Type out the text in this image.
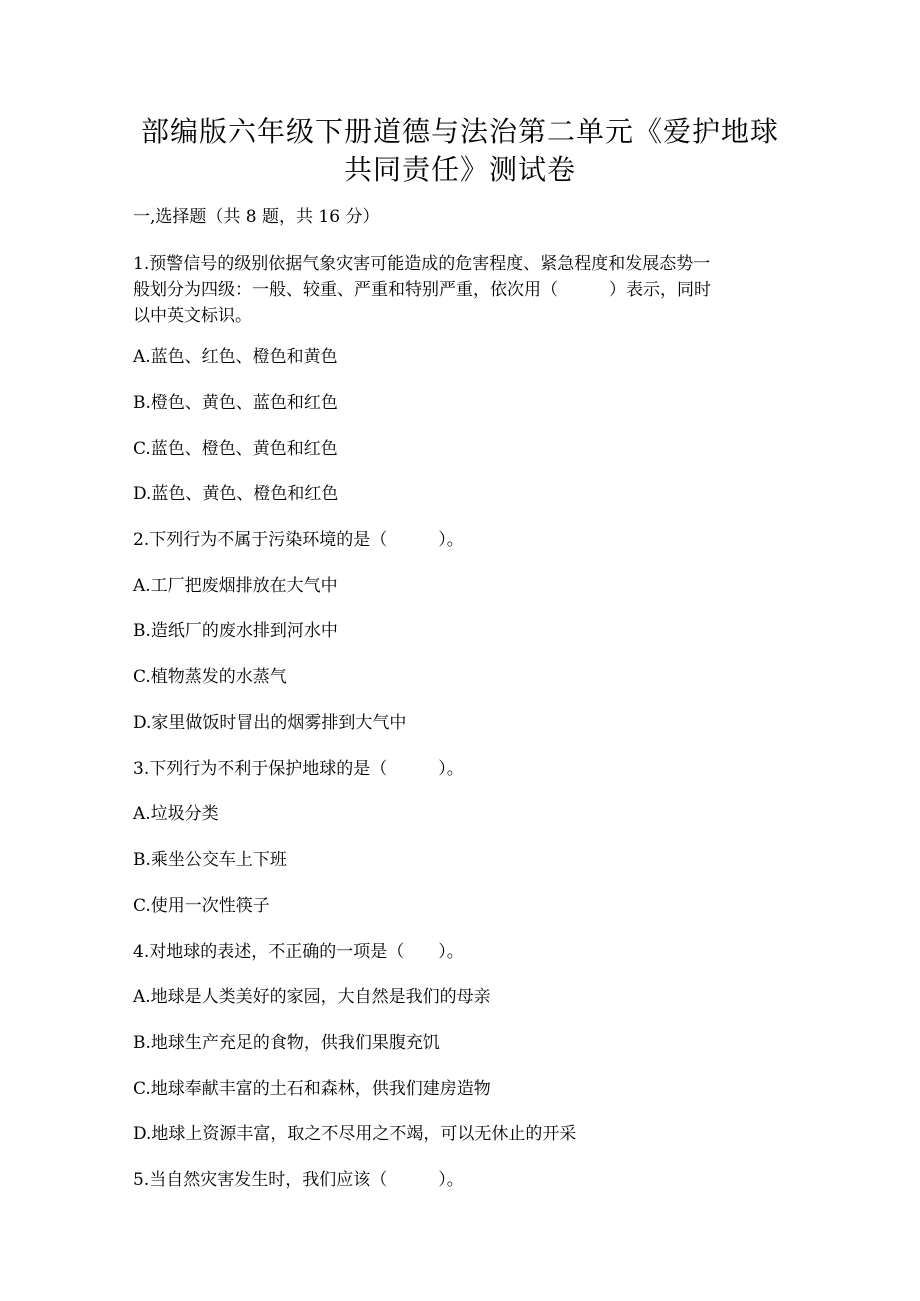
部编版六年级下册道德与法治第二单元《爱护地球
共同责任》测试卷
一,选择题（共 8 题，共 16 分）
1.预警信号的级别依据气象灾害可能造成的危害程度、紧急程度和发展态势一
般划分为四级：一般、较重、严重和特别严重，依次用（　　　）表示，同时
以中英文标识。
A.蓝色、红色、橙色和黄色
B.橙色、黄色、蓝色和红色
C.蓝色、橙色、黄色和红色
D.蓝色、黄色、橙色和红色
2.下列行为不属于污染环境的是（　　　）。
A.工厂把废烟排放在大气中
B.造纸厂的废水排到河水中
C.植物蒸发的水蒸气
D.家里做饭时冒出的烟雾排到大气中
3.下列行为不利于保护地球的是（　　　）。
A.垃圾分类
B.乘坐公交车上下班
C.使用一次性筷子
4.对地球的表述，不正确的一项是（　　）。
A.地球是人类美好的家园，大自然是我们的母亲
B.地球生产充足的食物，供我们果腹充饥
C.地球奉献丰富的土石和森林，供我们建房造物
D.地球上资源丰富，取之不尽用之不竭，可以无休止的开采
5.当自然灾害发生时，我们应该（　　　）。
